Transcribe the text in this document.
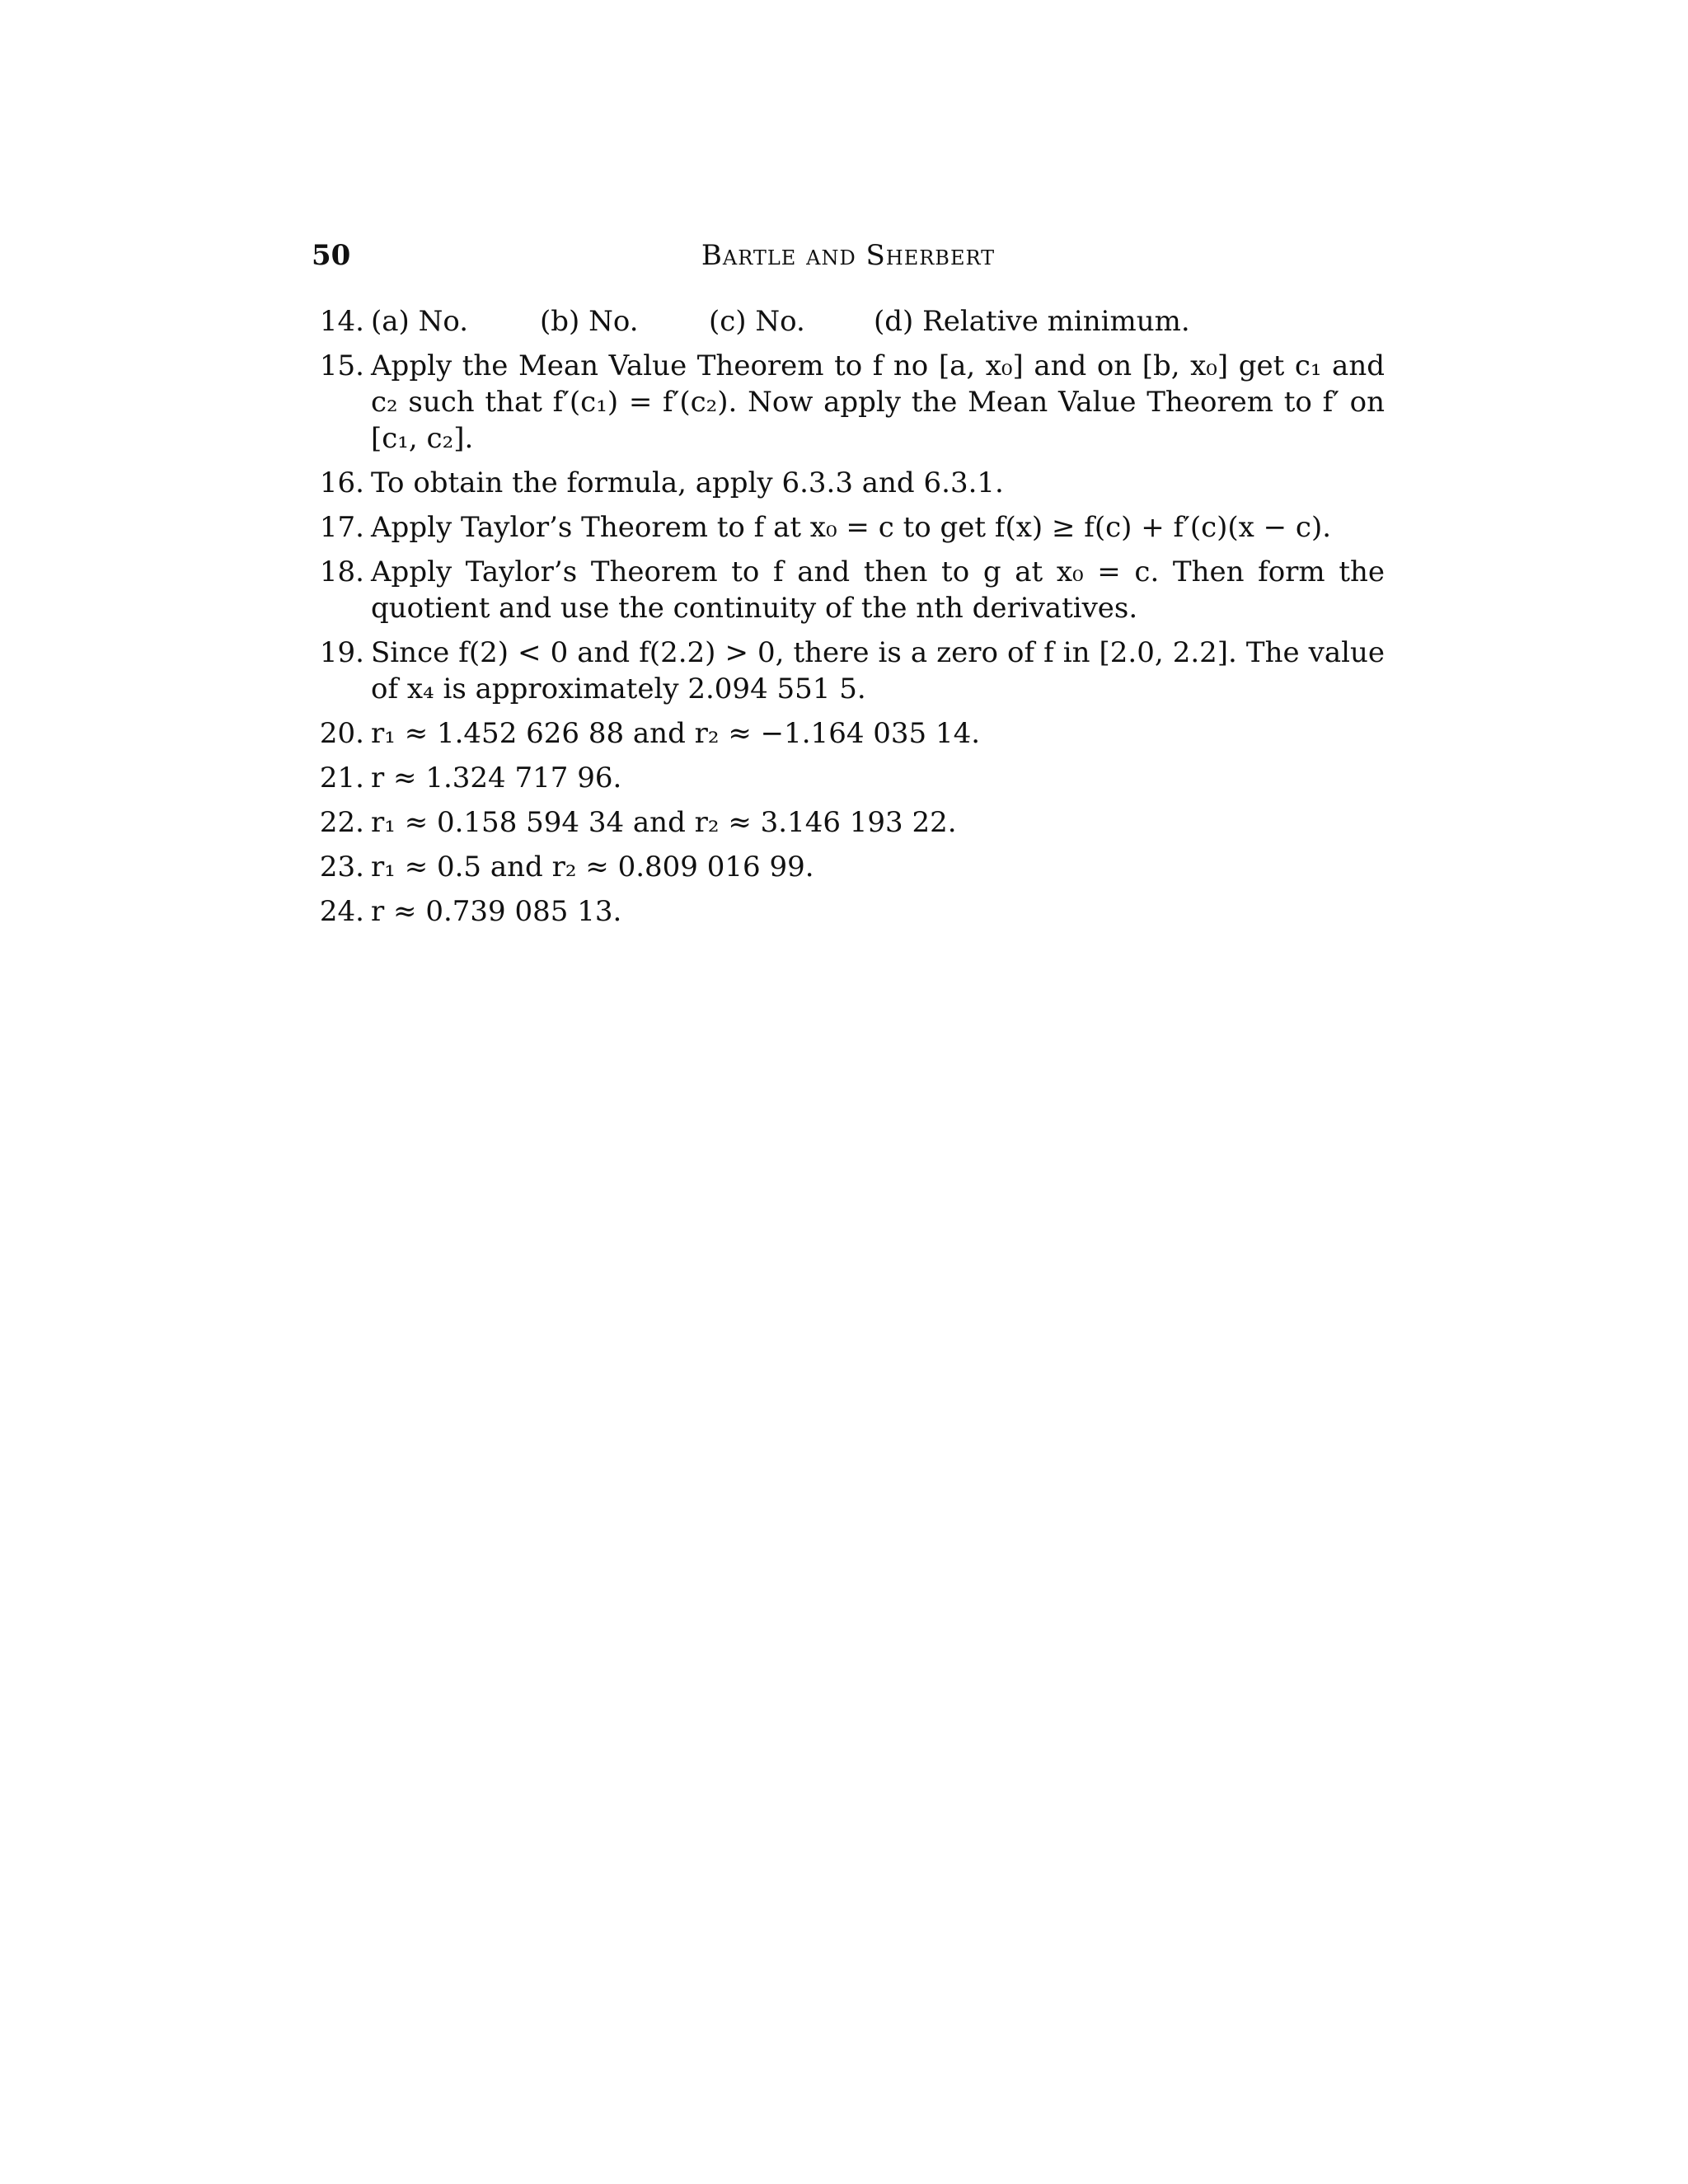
50	Bartle and Sherbert
14. (a) No.	(b) No.	(c) No.	(d) Relative minimum.
15. Apply the Mean Value Theorem to f no [a, x₀] and on [b, x₀] get c₁ and c₂ such that f′(c₁) = f′(c₂). Now apply the Mean Value Theorem to f′ on [c₁, c₂].
16. To obtain the formula, apply 6.3.3 and 6.3.1.
17. Apply Taylor’s Theorem to f at x₀ = c to get f(x) ≥ f(c) + f′(c)(x − c).
18. Apply Taylor’s Theorem to f and then to g at x₀ = c. Then form the quotient and use the continuity of the nth derivatives.
19. Since f(2) < 0 and f(2.2) > 0, there is a zero of f in [2.0, 2.2]. The value of x₄ is approximately 2.094 551 5.
20. r₁ ≈ 1.452 626 88 and r₂ ≈ −1.164 035 14.
21. r ≈ 1.324 717 96.
22. r₁ ≈ 0.158 594 34 and r₂ ≈ 3.146 193 22.
23. r₁ ≈ 0.5 and r₂ ≈ 0.809 016 99.
24. r ≈ 0.739 085 13.
